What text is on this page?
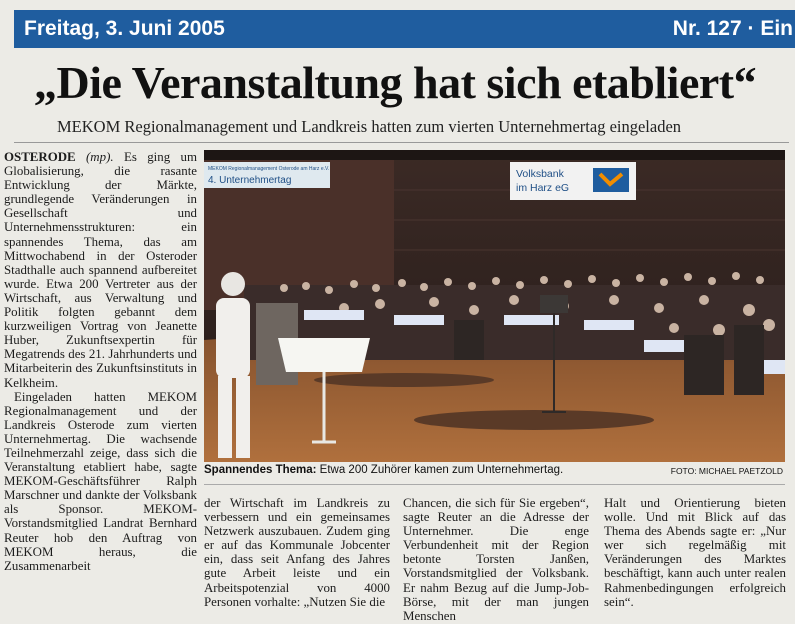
Freitag, 3. Juni 2005	Nr. 127 · Ein
„Die Veranstaltung hat sich etabliert“
MEKOM Regionalmanagement und Landkreis hatten zum vierten Unternehmertag eingeladen

OSTERODE (mp). Es ging um Globalisierung, die rasante Entwicklung der Märkte, grundlegende Veränderungen in Gesellschaft und Unternehmensstrukturen: ein spannendes Thema, das am Mittwochabend in der Osteroder Stadthalle auch spannend aufbereitet wurde. Etwa 200 Vertreter aus der Wirtschaft, aus Verwaltung und Politik folgten gebannt dem kurzweiligen Vortrag von Jeanette Huber, Zukunftsexpertin für Megatrends des 21. Jahrhunderts und Mitarbeiterin des Zukunftsinstituts in Kelkheim.

Eingeladen hatten MEKOM Regionalmanagement und der Landkreis Osterode zum vierten Unternehmertag. Die wachsende Teilnehmerzahl zeige, dass sich die Veranstaltung etabliert habe, sagte MEKOM-Geschäftsführer Ralph Marschner und dankte der Volksbank als Sponsor. MEKOM-Vorstandsmitglied Landrat Bernhard Reuter hob den Auftrag von MEKOM heraus, die Zusammenarbeit

MEKOM Regionalmanagement Osterode am Harz e.V.
4. Unternehmertag
Volksbank
im Harz eG
Spannendes Thema: Etwa 200 Zuhörer kamen zum Unternehmertag.	FOTO: MICHAEL PAETZOLD

der Wirtschaft im Landkreis zu verbessern und ein gemeinsames Netzwerk auszubauen. Zudem ging er auf das Kommunale Jobcenter ein, dass seit Anfang des Jahres gute Arbeit leiste und ein Arbeitspotenzial von 4000 Personen vorhalte: „Nutzen Sie die

Chancen, die sich für Sie ergeben“, sagte Reuter an die Adresse der Unternehmer. Die enge Verbundenheit mit der Region betonte Torsten Janßen, Vorstandsmitglied der Volksbank. Er nahm Bezug auf die Jump-Job-Börse, mit der man jungen Menschen

Halt und Orientierung bieten wolle. Und mit Blick auf das Thema des Abends sagte er: „Nur wer sich regelmäßig mit Veränderungen des Marktes beschäftigt, kann auch unter realen Rahmenbedingungen erfolgreich sein“.
